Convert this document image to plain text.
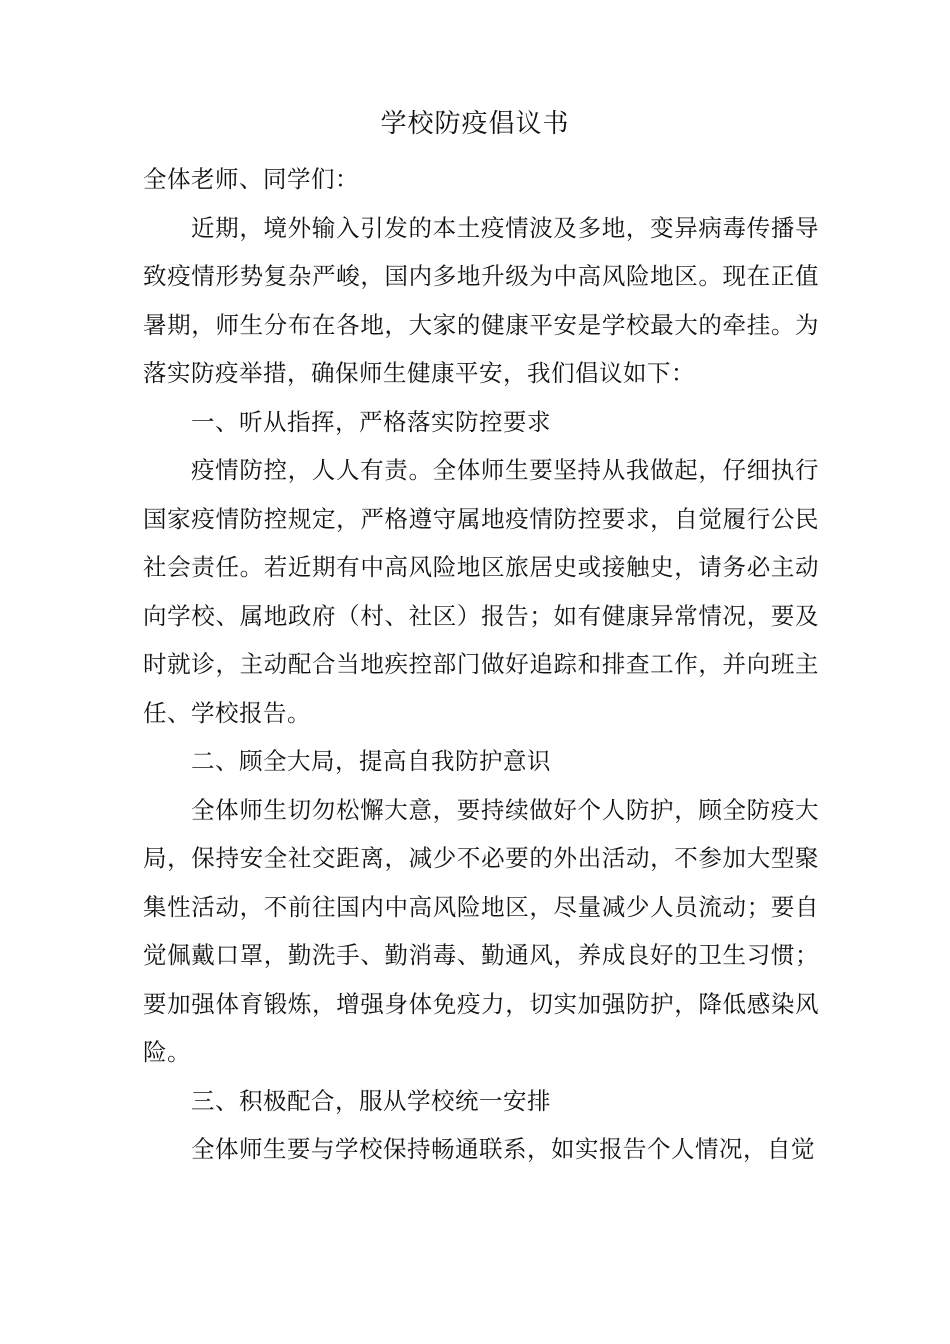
学校防疫倡议书

全体老师、同学们：

近期，境外输入引发的本土疫情波及多地，变异病毒传播导致疫情形势复杂严峻，国内多地升级为中高风险地区。现在正值暑期，师生分布在各地，大家的健康平安是学校最大的牵挂。为落实防疫举措，确保师生健康平安，我们倡议如下：

一、听从指挥，严格落实防控要求

疫情防控，人人有责。全体师生要坚持从我做起，仔细执行国家疫情防控规定，严格遵守属地疫情防控要求，自觉履行公民社会责任。若近期有中高风险地区旅居史或接触史，请务必主动向学校、属地政府（村、社区）报告；如有健康异常情况，要及时就诊，主动配合当地疾控部门做好追踪和排查工作，并向班主任、学校报告。

二、顾全大局，提高自我防护意识

全体师生切勿松懈大意，要持续做好个人防护，顾全防疫大局，保持安全社交距离，减少不必要的外出活动，不参加大型聚集性活动，不前往国内中高风险地区，尽量减少人员流动；要自觉佩戴口罩，勤洗手、勤消毒、勤通风，养成良好的卫生习惯；要加强体育锻炼，增强身体免疫力，切实加强防护，降低感染风险。

三、积极配合，服从学校统一安排

全体师生要与学校保持畅通联系，如实报告个人情况，自觉
